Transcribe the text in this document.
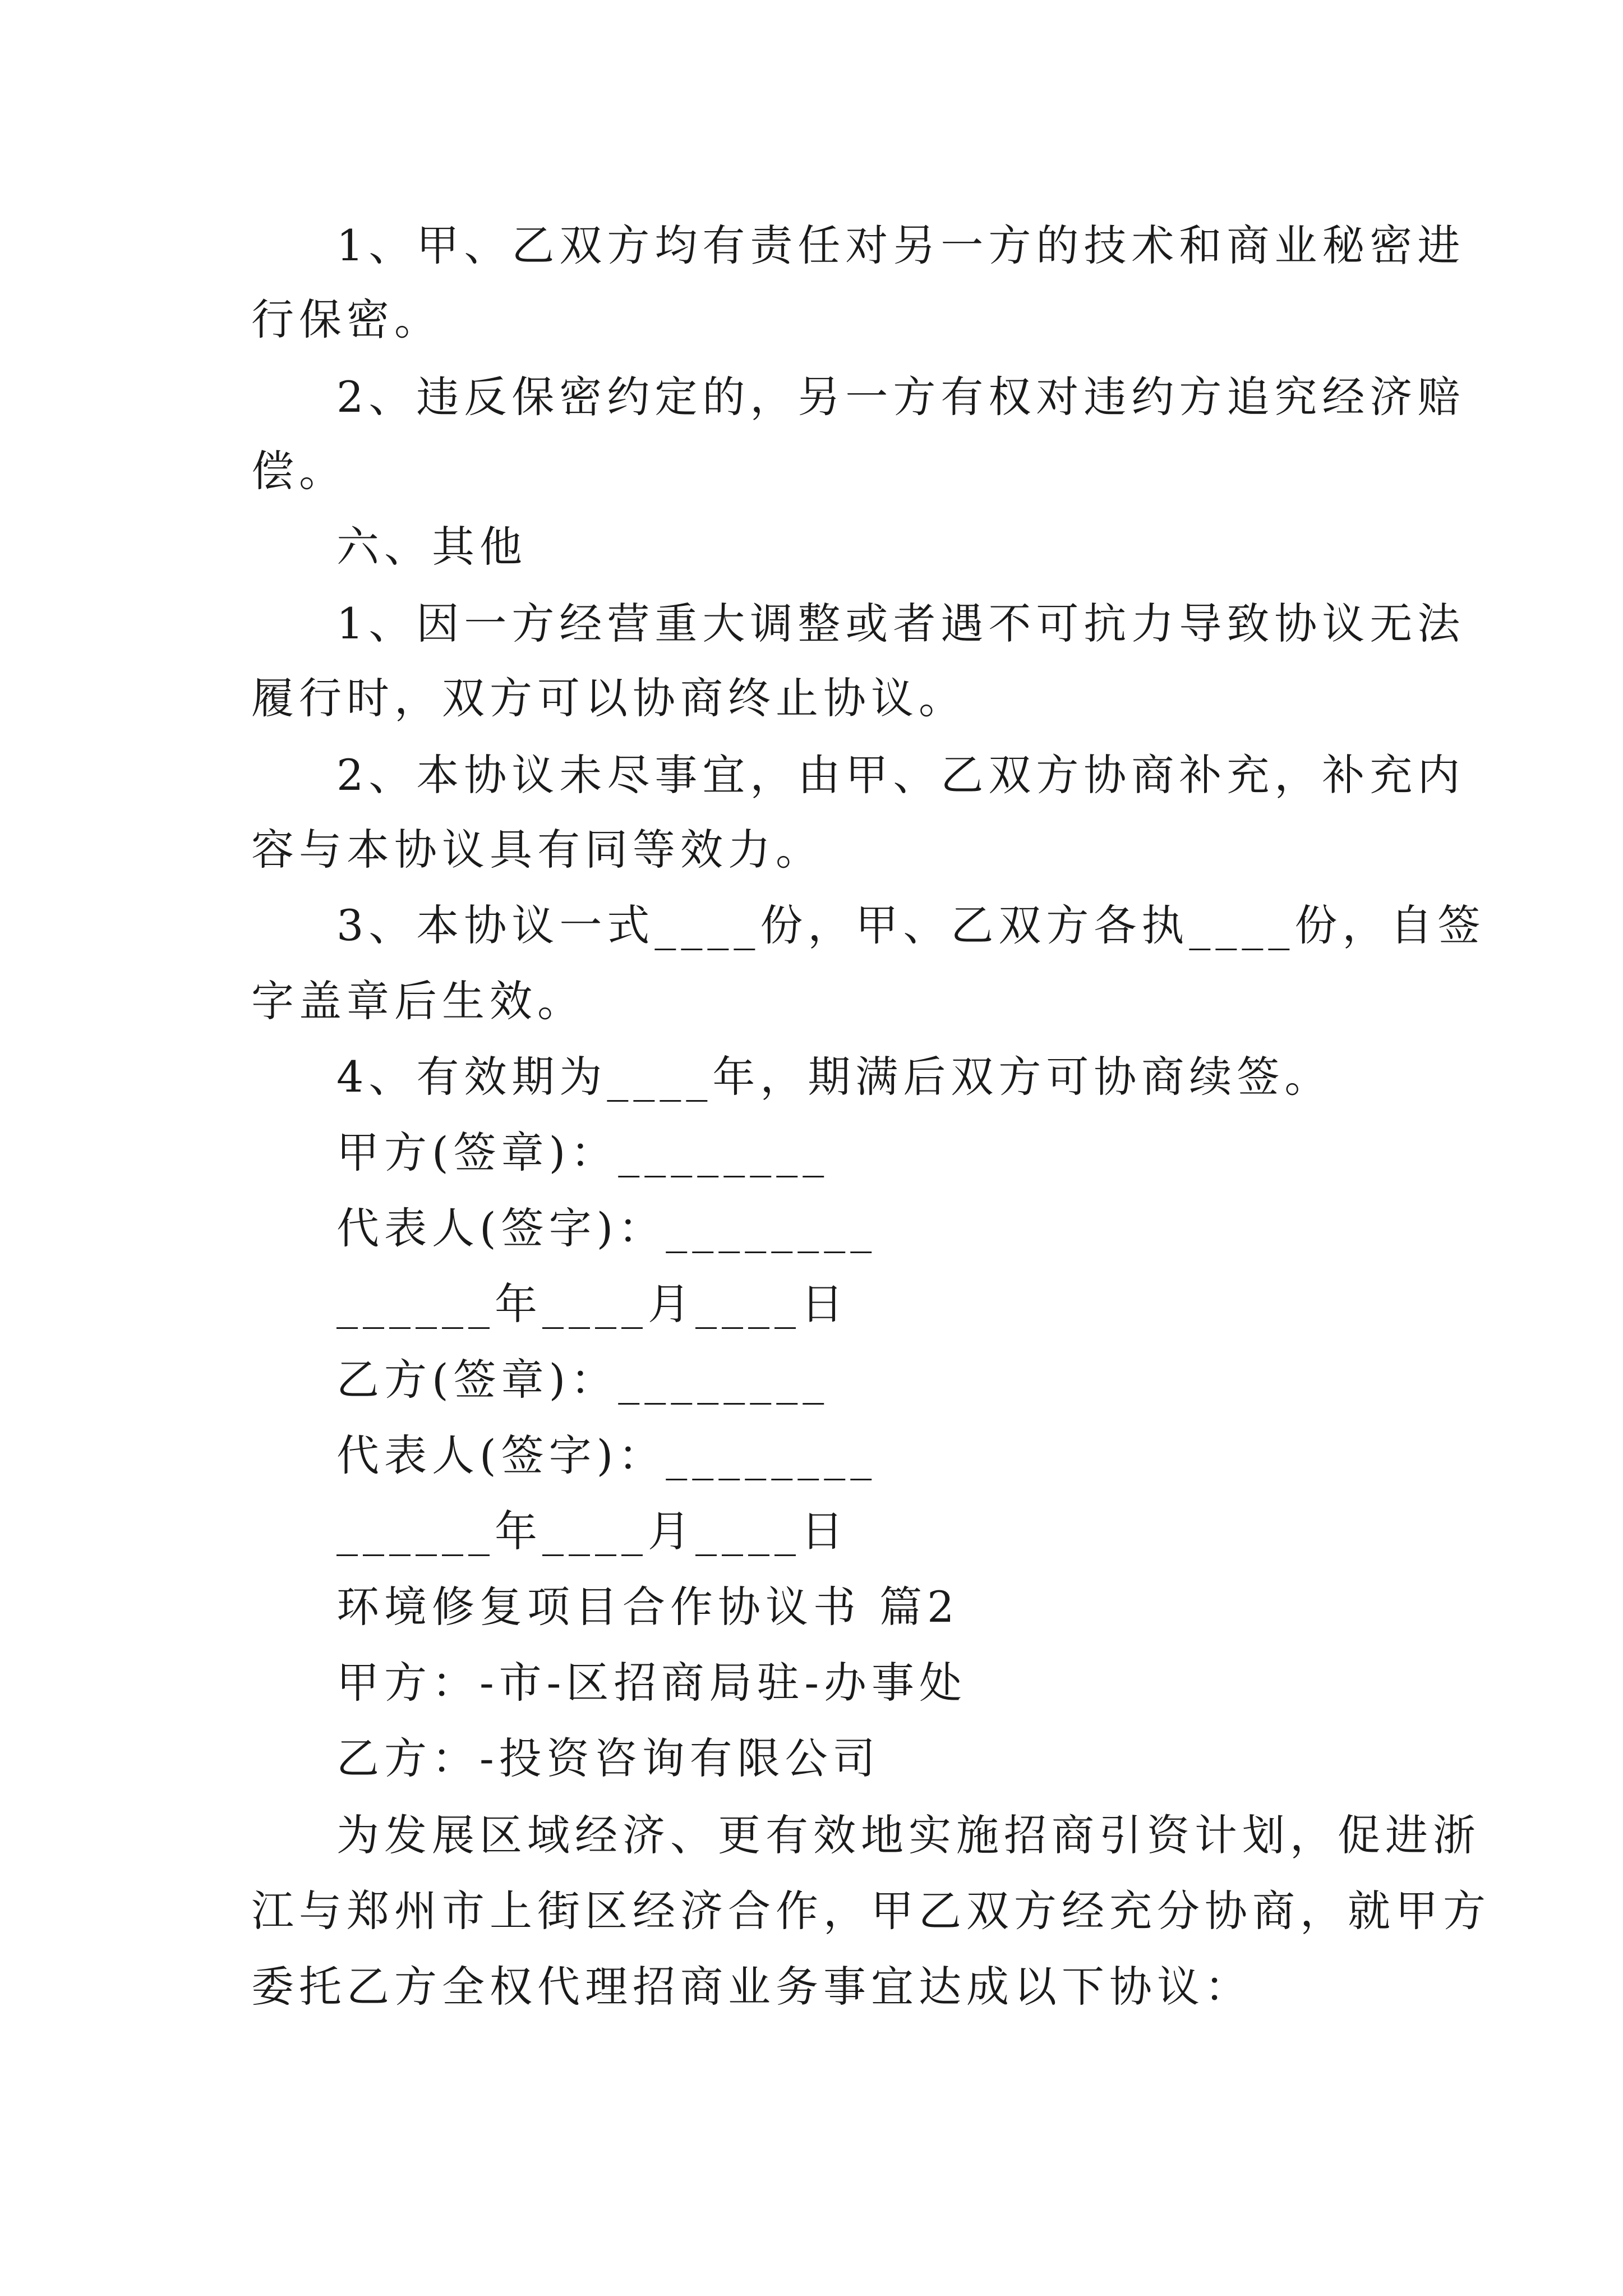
1、甲、乙双方均有责任对另一方的技术和商业秘密进
行保密。
2、违反保密约定的，另一方有权对违约方追究经济赔
偿。
六、其他
1、因一方经营重大调整或者遇不可抗力导致协议无法
履行时，双方可以协商终止协议。
2、本协议未尽事宜，由甲、乙双方协商补充，补充内
容与本协议具有同等效力。
3、本协议一式____份，甲、乙双方各执____份，自签
字盖章后生效。
4、有效期为____年，期满后双方可协商续签。
甲方(签章)：________
代表人(签字)：________
______年____月____日
乙方(签章)：________
代表人(签字)：________
______年____月____日
环境修复项目合作协议书 篇2
甲方：-市-区招商局驻-办事处
乙方：-投资咨询有限公司
为发展区域经济、更有效地实施招商引资计划，促进浙
江与郑州市上街区经济合作，甲乙双方经充分协商，就甲方
委托乙方全权代理招商业务事宜达成以下协议：
